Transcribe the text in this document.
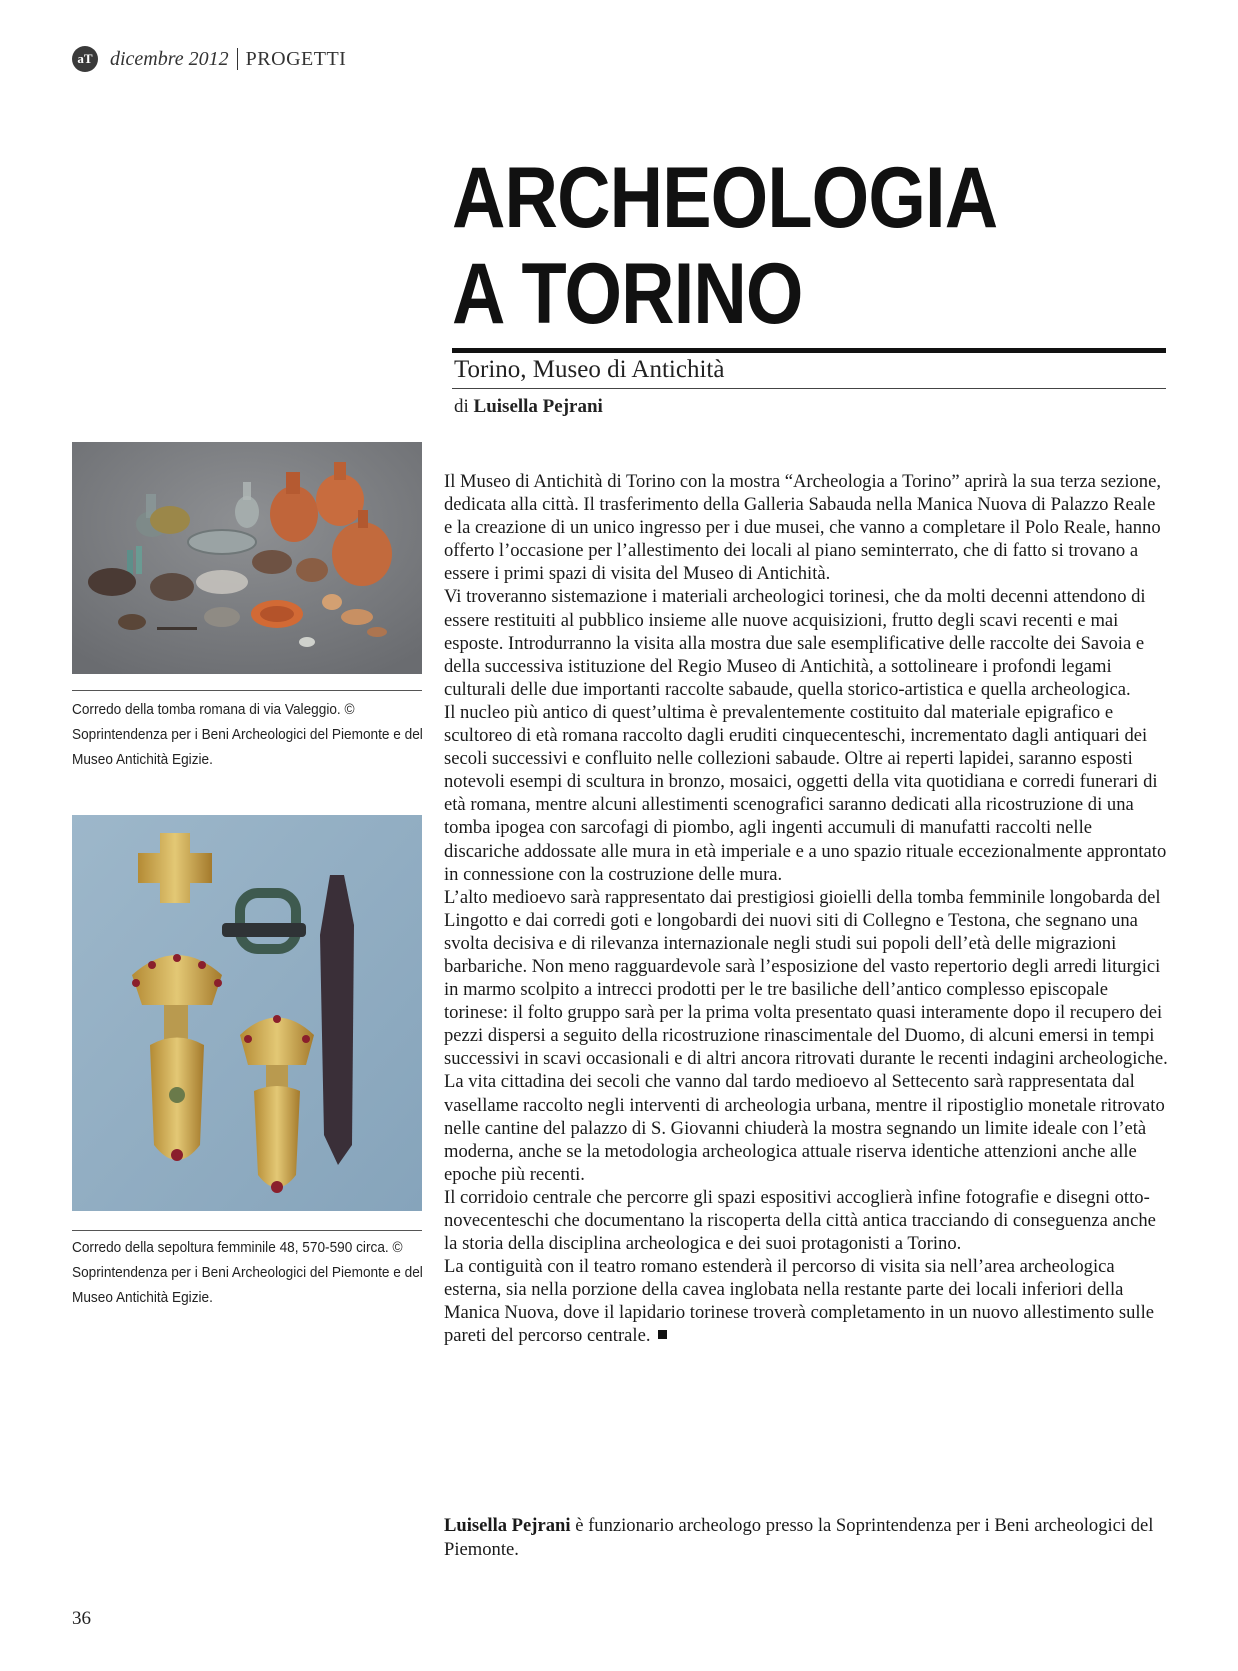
aT dicembre 2012 PROGETTI
ARCHEOLOGIA
A TORINO
Torino, Museo di Antichità
di Luisella Pejrani
Corredo della tomba romana di via Valeggio. © Soprintendenza per i Beni Archeologici del Piemonte e del Museo Antichità Egizie.
Corredo della sepoltura femminile 48, 570-590 circa. © Soprintendenza per i Beni Archeologici del Piemonte e del Museo Antichità Egizie.

Il Museo di Antichità di Torino con la mostra “Archeologia a Torino” aprirà la sua terza sezione, dedicata alla città. Il trasferimento della Galleria Sabauda nella Manica Nuova di Palazzo Reale e la creazione di un unico ingresso per i due musei, che vanno a completare il Polo Reale, hanno offerto l’occasione per l’allestimento dei locali al piano seminterrato, che di fatto si trovano a essere i primi spazi di visita del Museo di Antichità.

Vi troveranno sistemazione i materiali archeologici torinesi, che da molti decenni attendono di essere restituiti al pubblico insieme alle nuove acquisizioni, frutto degli scavi recenti e mai esposte. Introdurranno la visita alla mostra due sale esemplificative delle raccolte dei Savoia e della successiva istituzione del Regio Museo di Antichità, a sottolineare i profondi legami culturali delle due importanti raccolte sabaude, quella storico-artistica e quella archeologica.

Il nucleo più antico di quest’ultima è prevalentemente costituito dal materiale epigrafico e scultoreo di età romana raccolto dagli eruditi cinquecenteschi, incrementato dagli antiquari dei secoli successivi e confluito nelle collezioni sabaude. Oltre ai reperti lapidei, saranno esposti notevoli esempi di scultura in bronzo, mosaici, oggetti della vita quotidiana e corredi funerari di età romana, mentre alcuni allestimenti scenografici saranno dedicati alla ricostruzione di una tomba ipogea con sarcofagi di piombo, agli ingenti accumuli di manufatti raccolti nelle discariche addossate alle mura in età imperiale e a uno spazio rituale eccezionalmente approntato in connessione con la costruzione delle mura.

L’alto medioevo sarà rappresentato dai prestigiosi gioielli della tomba femminile longobarda del Lingotto e dai corredi goti e longobardi dei nuovi siti di Collegno e Testona, che segnano una svolta decisiva e di rilevanza internazionale negli studi sui popoli dell’età delle migrazioni barbariche. Non meno ragguardevole sarà l’esposizione del vasto repertorio degli arredi liturgici in marmo scolpito a intrecci prodotti per le tre basiliche dell’antico complesso episcopale torinese: il folto gruppo sarà per la prima volta presentato quasi interamente dopo il recupero dei pezzi dispersi a seguito della ricostruzione rinascimentale del Duomo, di alcuni emersi in tempi successivi in scavi occasionali e di altri ancora ritrovati durante le recenti indagini archeologiche.

La vita cittadina dei secoli che vanno dal tardo medioevo al Settecento sarà rappresentata dal vasellame raccolto negli interventi di archeologia urbana, mentre il ripostiglio monetale ritrovato nelle cantine del palazzo di S. Giovanni chiuderà la mostra segnando un limite ideale con l’età moderna, anche se la metodologia archeologica attuale riserva identiche attenzioni anche alle epoche più recenti.

Il corridoio centrale che percorre gli spazi espositivi accoglierà infine fotografie e disegni otto-novecenteschi che documentano la riscoperta della città antica tracciando di conseguenza anche la storia della disciplina archeologica e dei suoi protagonisti a Torino.

La contiguità con il teatro romano estenderà il percorso di visita sia nell’area archeologica esterna, sia nella porzione della cavea inglobata nella restante parte dei locali inferiori della Manica Nuova, dove il lapidario torinese troverà completamento in un nuovo allestimento sulle pareti del percorso centrale.

Luisella Pejrani è funzionario archeologo presso la Soprintendenza per i Beni archeologici del Piemonte.

36
